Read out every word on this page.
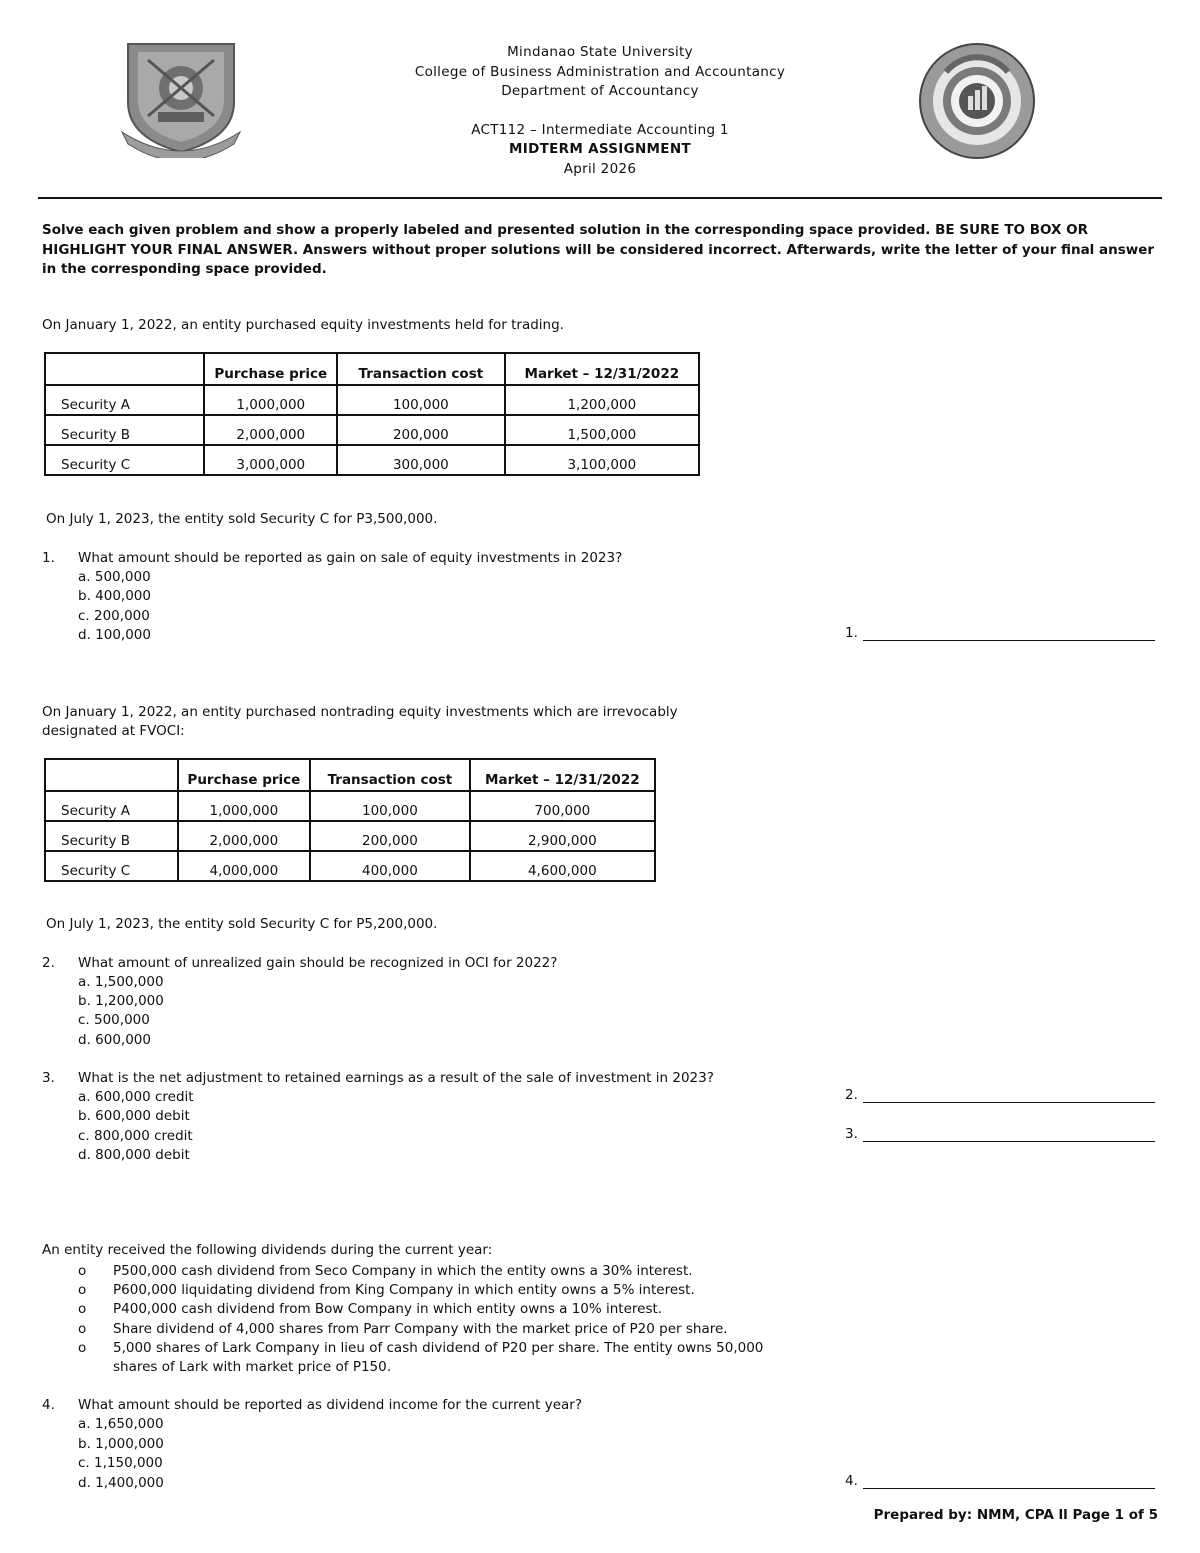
Mindanao State University
College of Business Administration and Accountancy
Department of Accountancy
ACT112 – Intermediate Accounting 1
MIDTERM ASSIGNMENT
April 2026
Solve each given problem and show a properly labeled and presented solution in the corresponding space provided. BE SURE TO BOX OR HIGHLIGHT YOUR FINAL ANSWER. Answers without proper solutions will be considered incorrect. Afterwards, write the letter of your final answer in the corresponding space provided.
On January 1, 2022, an entity purchased equity investments held for trading.
	Purchase price	Transaction cost	Market – 12/31/2022
Security A	1,000,000	100,000	1,200,000
Security B	2,000,000	200,000	1,500,000
Security C	3,000,000	300,000	3,100,000
On July 1, 2023, the entity sold Security C for P3,500,000.
1. What amount should be reported as gain on sale of equity investments in 2023?
a. 500,000
b. 400,000
c. 200,000
d. 100,000	1.
On January 1, 2022, an entity purchased nontrading equity investments which are irrevocably
designated at FVOCI:
	Purchase price	Transaction cost	Market – 12/31/2022
Security A	1,000,000	100,000	700,000
Security B	2,000,000	200,000	2,900,000
Security C	4,000,000	400,000	4,600,000
On July 1, 2023, the entity sold Security C for P5,200,000.
2. What amount of unrealized gain should be recognized in OCI for 2022?
a. 1,500,000
b. 1,200,000
c. 500,000
d. 600,000
3. What is the net adjustment to retained earnings as a result of the sale of investment in 2023?
a. 600,000 credit
b. 600,000 debit
c. 800,000 credit
d. 800,000 debit
2.
3.
An entity received the following dividends during the current year:
o P500,000 cash dividend from Seco Company in which the entity owns a 30% interest.
o P600,000 liquidating dividend from King Company in which entity owns a 5% interest.
o P400,000 cash dividend from Bow Company in which entity owns a 10% interest.
o Share dividend of 4,000 shares from Parr Company with the market price of P20 per share.
o 5,000 shares of Lark Company in lieu of cash dividend of P20 per share. The entity owns 50,000
shares of Lark with market price of P150.
4. What amount should be reported as dividend income for the current year?
a. 1,650,000
b. 1,000,000
c. 1,150,000
d. 1,400,000	4.
Prepared by: NMM, CPA ll Page 1 of 5
